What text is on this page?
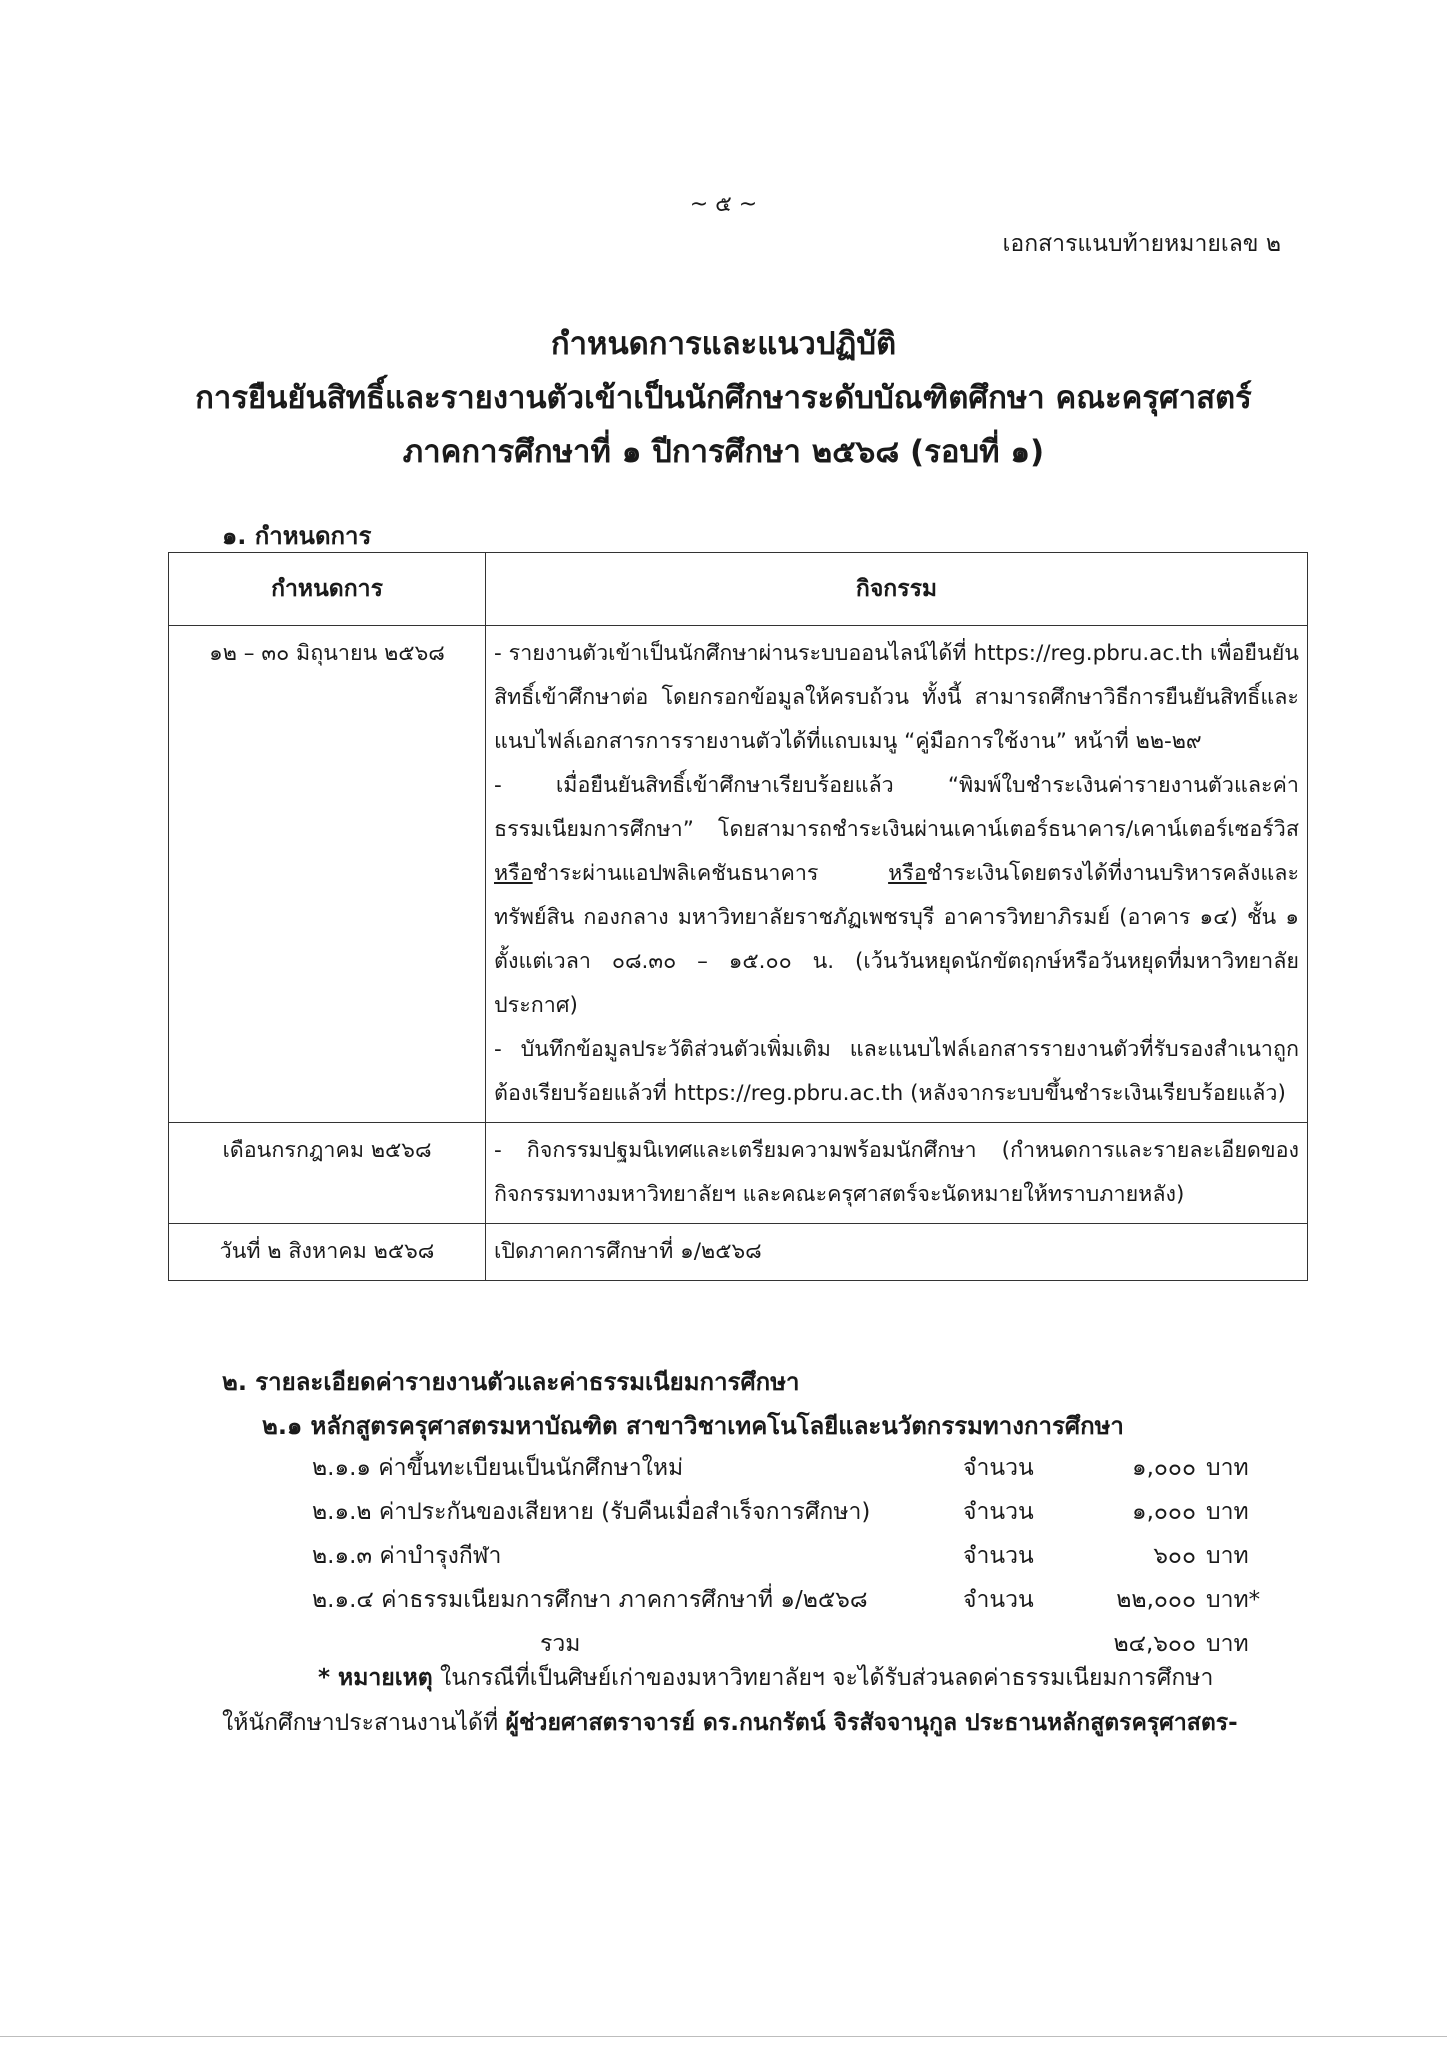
~ ๕ ~
เอกสารแนบท้ายหมายเลข ๒
กำหนดการและแนวปฏิบัติ
การยืนยันสิทธิ์และรายงานตัวเข้าเป็นนักศึกษาระดับบัณฑิตศึกษา คณะครุศาสตร์
ภาคการศึกษาที่ ๑ ปีการศึกษา ๒๕๖๘ (รอบที่ ๑)
๑. กำหนดการ
กำหนดการ	กิจกรรม
๑๒ – ๓๐ มิถุนายน ๒๕๖๘	- รายงานตัวเข้าเป็นนักศึกษาผ่านระบบออนไลน์ได้ที่ https://reg.pbru.ac.th เพื่อยืนยันสิทธิ์เข้าศึกษาต่อ โดยกรอกข้อมูลให้ครบถ้วน ทั้งนี้ สามารถศึกษาวิธีการยืนยันสิทธิ์และแนบไฟล์เอกสารการรายงานตัวได้ที่แถบเมนู “คู่มือการใช้งาน” หน้าที่ ๒๒-๒๙

- เมื่อยืนยันสิทธิ์เข้าศึกษาเรียบร้อยแล้ว “พิมพ์ใบชำระเงินค่ารายงานตัวและค่าธรรมเนียมการศึกษา” โดยสามารถชำระเงินผ่านเคาน์เตอร์ธนาคาร/เคาน์เตอร์เซอร์วิส หรือชำระผ่านแอปพลิเคชันธนาคาร หรือชำระเงินโดยตรงได้ที่งานบริหารคลังและทรัพย์สิน กองกลาง มหาวิทยาลัยราชภัฏเพชรบุรี อาคารวิทยาภิรมย์ (อาคาร ๑๔) ชั้น ๑ ตั้งแต่เวลา ๐๘.๓๐ – ๑๕.๐๐ น. (เว้นวันหยุดนักขัตฤกษ์หรือวันหยุดที่มหาวิทยาลัยประกาศ)

- บันทึกข้อมูลประวัติส่วนตัวเพิ่มเติม และแนบไฟล์เอกสารรายงานตัวที่รับรองสำเนาถูกต้องเรียบร้อยแล้วที่ https://reg.pbru.ac.th (หลังจากระบบขึ้นชำระเงินเรียบร้อยแล้ว)

เดือนกรกฎาคม ๒๕๖๘	- กิจกรรมปฐมนิเทศและเตรียมความพร้อมนักศึกษา (กำหนดการและรายละเอียดของกิจกรรมทางมหาวิทยาลัยฯ และคณะครุศาสตร์จะนัดหมายให้ทราบภายหลัง)

วันที่ ๒ สิงหาคม ๒๕๖๘	เปิดภาคการศึกษาที่ ๑/๒๕๖๘

๒. รายละเอียดค่ารายงานตัวและค่าธรรมเนียมการศึกษา
๒.๑ หลักสูตรครุศาสตรมหาบัณฑิต สาขาวิชาเทคโนโลยีและนวัตกรรมทางการศึกษา
๒.๑.๑ ค่าขึ้นทะเบียนเป็นนักศึกษาใหม่	จำนวน	๑,๐๐๐ บาท
๒.๑.๒ ค่าประกันของเสียหาย (รับคืนเมื่อสำเร็จการศึกษา)	จำนวน	๑,๐๐๐ บาท
๒.๑.๓ ค่าบำรุงกีฬา	จำนวน	๖๐๐ บาท
๒.๑.๔ ค่าธรรมเนียมการศึกษา ภาคการศึกษาที่ ๑/๒๕๖๘	จำนวน	๒๒,๐๐๐ บาท*
รวม	๒๔,๖๐๐ บาท
* หมายเหตุ ในกรณีที่เป็นศิษย์เก่าของมหาวิทยาลัยฯ จะได้รับส่วนลดค่าธรรมเนียมการศึกษา
ให้นักศึกษาประสานงานได้ที่ ผู้ช่วยศาสตราจารย์ ดร.กนกรัตน์ จิรสัจจานุกูล ประธานหลักสูตรครุศาสตร-
